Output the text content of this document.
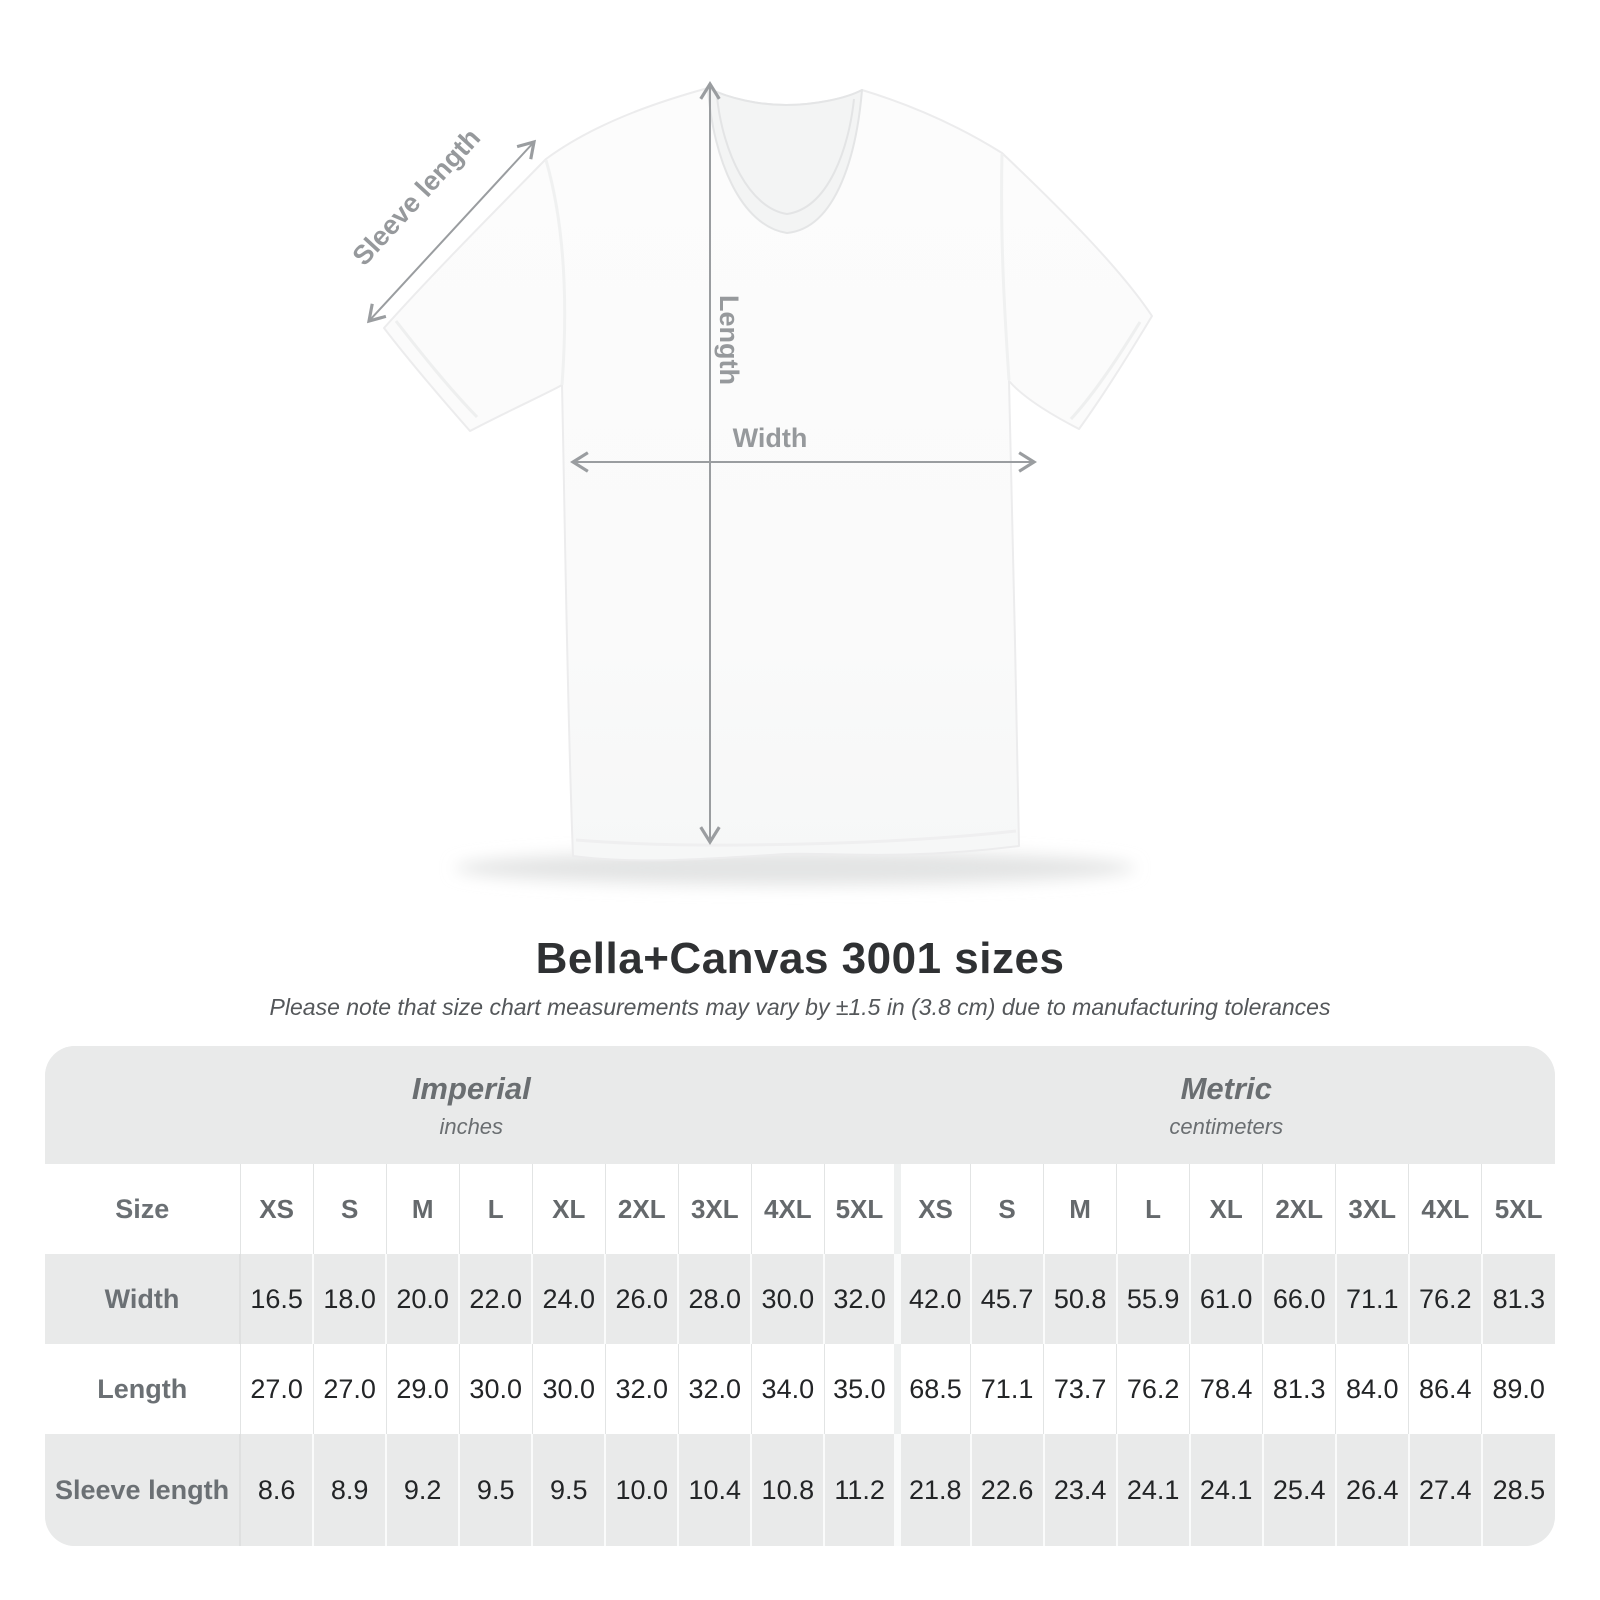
Sleeve length
Length
Width
Bella+Canvas 3001 sizes
Please note that size chart measurements may vary by ±1.5 in (3.8 cm) due to manufacturing tolerances
Imperial
inches

Metric
centimeters

Size	XS	S	M	L	XL	2XL	3XL	4XL	5XL	XS	S	M	L	XL	2XL	3XL	4XL	5XL
Width	16.5	18.0	20.0	22.0	24.0	26.0	28.0	30.0	32.0	42.0	45.7	50.8	55.9	61.0	66.0	71.1	76.2	81.3
Length	27.0	27.0	29.0	30.0	30.0	32.0	32.0	34.0	35.0	68.5	71.1	73.7	76.2	78.4	81.3	84.0	86.4	89.0
Sleeve length	8.6	8.9	9.2	9.5	9.5	10.0	10.4	10.8	11.2	21.8	22.6	23.4	24.1	24.1	25.4	26.4	27.4	28.5
